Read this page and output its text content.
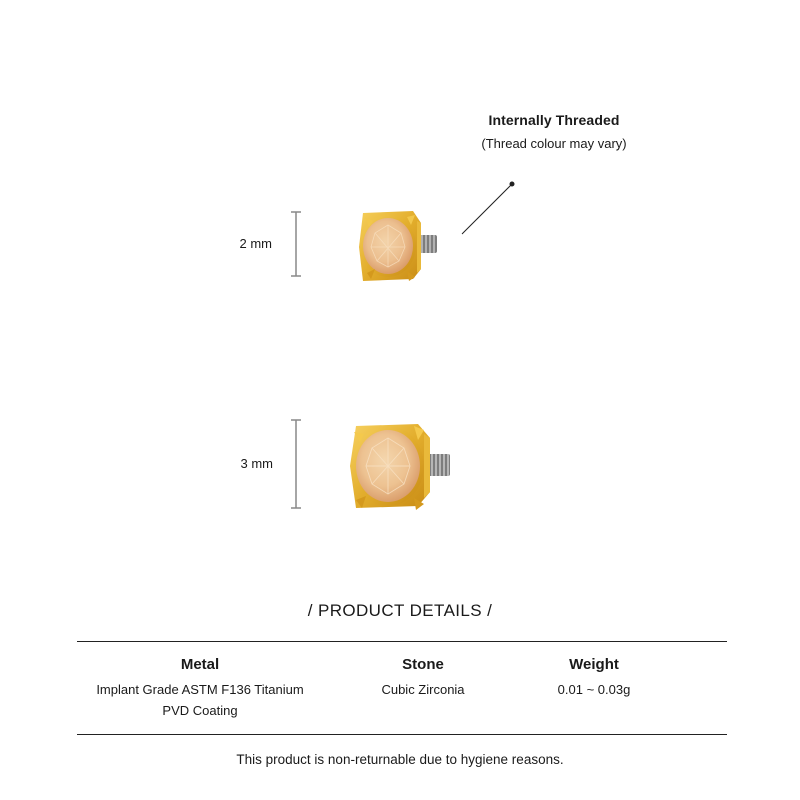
Internally Threaded
(Thread colour may vary)
2 mm
3 mm
/ PRODUCT DETAILS /
Metal
Implant Grade ASTM F136 Titanium
PVD Coating
Stone
Cubic Zirconia
Weight
0.01 ~ 0.03g
This product is non-returnable due to hygiene reasons.
